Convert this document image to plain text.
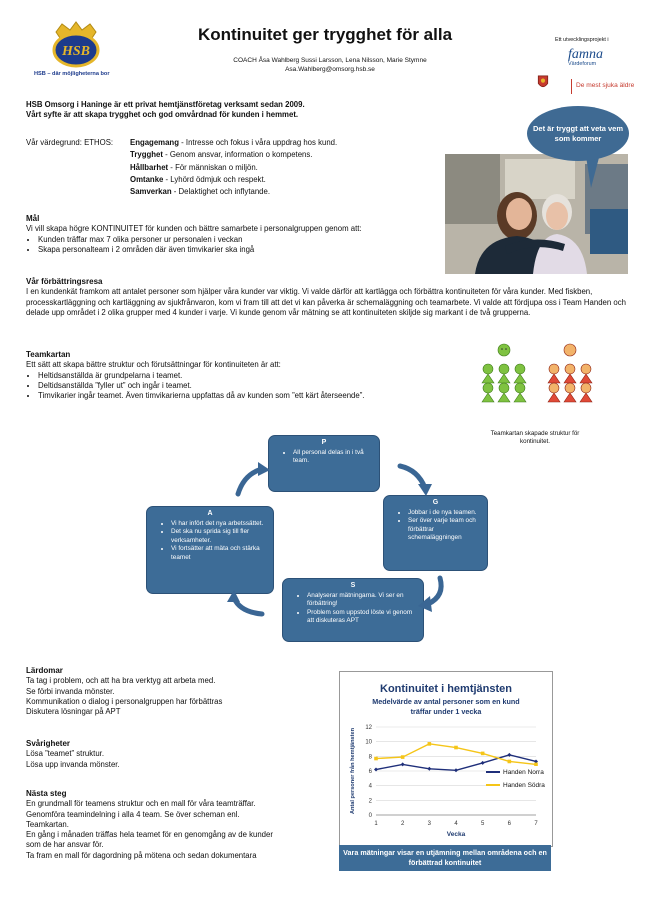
HSB
HSB – där möjligheterna bor
Kontinuitet ger trygghet för alla
COACH Åsa Wahlberg Sussi Larsson, Lena Nilsson, Marie Stymne
Asa.Wahlberg@omsorg.hsb.se
Ett utvecklingsprojekt i
famna
Värdeforum
De mest sjuka äldre
HSB Omsorg i Haninge är ett privat hemtjänstföretag verksamt sedan 2009.
Vårt syfte är att skapa trygghet och god omvårdnad för kunden i hemmet.
Vår värdegrund: ETHOS: Engagemang - Intresse och fokus i våra uppdrag hos kund.
Trygghet - Genom ansvar, information o kompetens.
Hållbarhet - För människan o miljön.
Omtanke - Lyhörd ödmjuk och respekt.
Samverkan - Delaktighet och inflytande.
Det är tryggt att veta vem som kommer
Mål
Vi vill skapa högre KONTINUITET för kunden och bättre samarbete i personalgruppen genom att:
• Kunden träffar max 7 olika personer ur personalen i veckan
• Skapa personalteam i 2 områden där även timvikarier ska ingå
Vår förbättringsresa
I en kundenkät framkom att antalet personer som hjälper våra kunder var viktig. Vi valde därför att kartlägga och förbättra kontinuiteten för våra kunder. Med fiskben, processkartläggning och kartläggning av sjukfrånvaron, kom vi fram till att det vi kan påverka är schemaläggning och teamarbete. Vi valde att fördjupa oss i Team Handen och delade upp området i 2 olika grupper med 4 kunder i varje. Vi kunde genom vår mätning se att kontinuiteten skiljde sig markant i de två grupperna.
Teamkartan
Ett sätt att skapa bättre struktur och förutsättningar för kontinuiteten är att:
• Heltidsanställda är grundpelarna i teamet.
• Deltidsanställda ”fyller ut” och ingår i teamet.
• Timvikarier ingår teamet. Även timvikarierna uppfattas då av kunden som ”ett kärt återseende”.
Teamkartan skapade struktur för kontinuitet.
P
• All personal delas in i två team.
G
• Jobbar i de nya teamen.
• Ser över varje team och förbättrar schemaläggningen
S
• Analyserar mätningarna. Vi ser en förbättring!
• Problem som uppstod löste vi genom att diskuteras APT
A
• Vi har infört det nya arbetssättet.
• Det ska nu sprida sig till fler verksamheter.
• Vi fortsätter att mäta och stärka teamet
Lärdomar
Ta tag i problem, och att ha bra verktyg att arbeta med.
Se förbi invanda mönster.
Kommunikation o dialog i personalgruppen har förbättras
Diskutera lösningar på APT
Svårigheter
Lösa ”teamet” struktur.
Lösa upp invanda mönster.
Nästa steg
En grundmall för teamens struktur och en mall för våra teamträffar.
Genomföra teamindelning i alla 4 team. Se över scheman enl.
Teamkartan.
En gång i månaden träffas hela teamet för en genomgång av de kunder
som de har ansvar för.
Ta fram en mall för dagordning på mötena och sedan dokumentara
Kontinuitet i hemtjänsten
Medelvärde av antal personer som en kund
träffar under 1 vecka
0
2
4
6
8
10
12
1	2	3	4	5	6	7
Vecka
Antal personer från hemtjänsten
Vara mätningar visar en utjämning mellan områdena och en förbättrad kontinuitet
Handen Norra
Handen Södra
